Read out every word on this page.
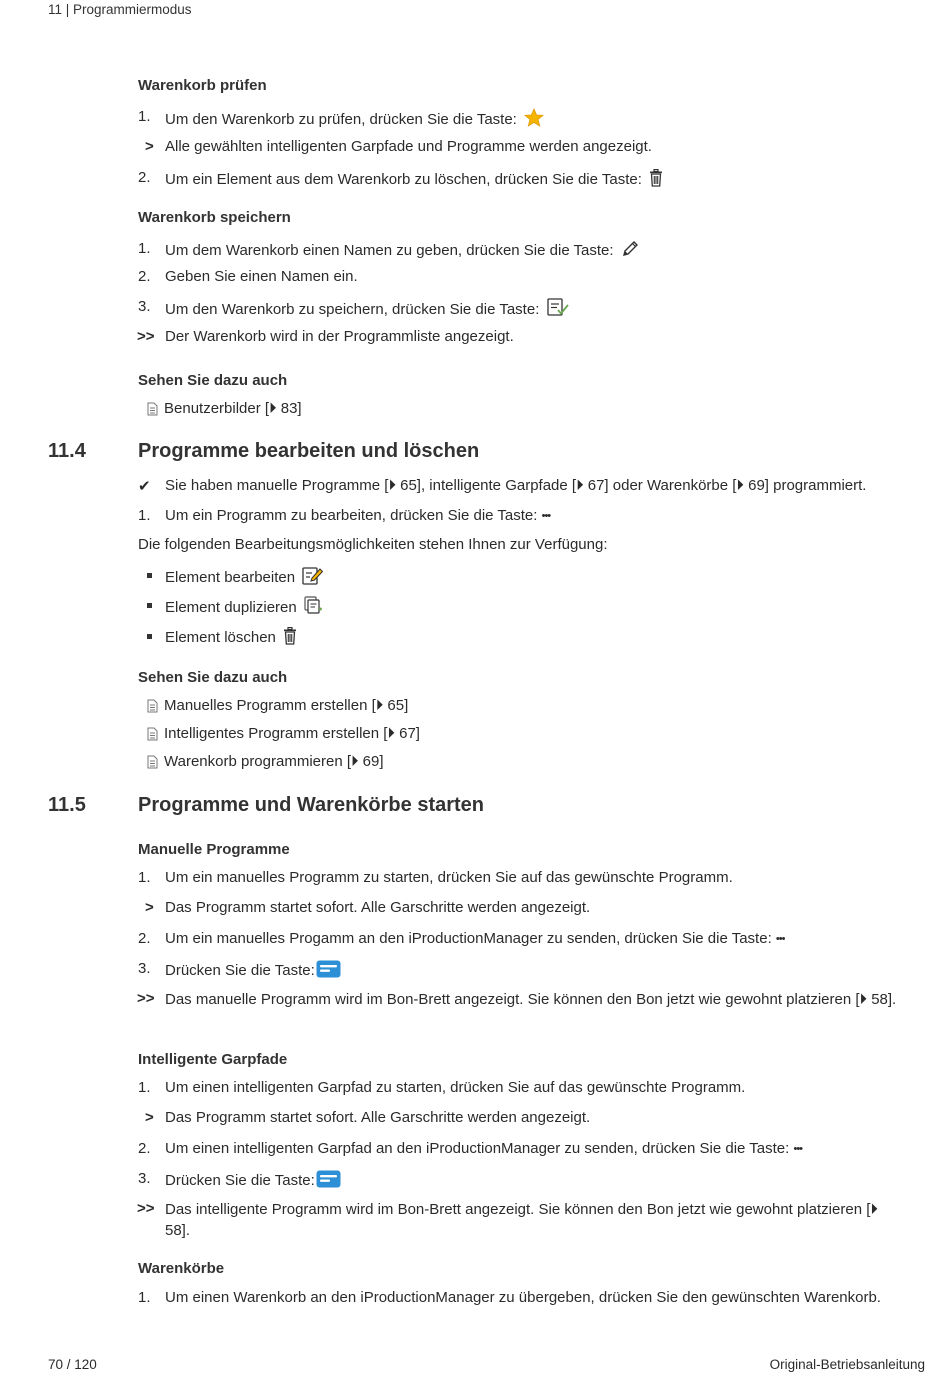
11 | Programmiermodus
Warenkorb prüfen
1. Um den Warenkorb zu prüfen, drücken Sie die Taste:
> Alle gewählten intelligenten Garpfade und Programme werden angezeigt.
2. Um ein Element aus dem Warenkorb zu löschen, drücken Sie die Taste:
Warenkorb speichern
1. Um dem Warenkorb einen Namen zu geben, drücken Sie die Taste:
2. Geben Sie einen Namen ein.
3. Um den Warenkorb zu speichern, drücken Sie die Taste:
>> Der Warenkorb wird in der Programmliste angezeigt.
Sehen Sie dazu auch
Benutzerbilder [⏵ 83]
11.4	Programme bearbeiten und löschen
✔ Sie haben manuelle Programme [⏵ 65], intelligente Garpfade [⏵ 67] oder Warenkörbe [⏵ 69] programmiert.
1. Um ein Programm zu bearbeiten, drücken Sie die Taste: •••
Die folgenden Bearbeitungsmöglichkeiten stehen Ihnen zur Verfügung:
Element bearbeiten
Element duplizieren
Element löschen
Sehen Sie dazu auch
Manuelles Programm erstellen [⏵ 65]
Intelligentes Programm erstellen [⏵ 67]
Warenkorb programmieren [⏵ 69]
11.5	Programme und Warenkörbe starten
Manuelle Programme
1. Um ein manuelles Programm zu starten, drücken Sie auf das gewünschte Programm.
> Das Programm startet sofort. Alle Garschritte werden angezeigt.
2. Um ein manuelles Progamm an den iProductionManager zu senden, drücken Sie die Taste: •••
3. Drücken Sie die Taste:
>> Das manuelle Programm wird im Bon-Brett angezeigt. Sie können den Bon jetzt wie gewohnt platzieren [⏵ 58].
Intelligente Garpfade
1. Um einen intelligenten Garpfad zu starten, drücken Sie auf das gewünschte Programm.
> Das Programm startet sofort. Alle Garschritte werden angezeigt.
2. Um einen intelligenten Garpfad an den iProductionManager zu senden, drücken Sie die Taste: •••
3. Drücken Sie die Taste:
>> Das intelligente Programm wird im Bon-Brett angezeigt. Sie können den Bon jetzt wie gewohnt platzieren [⏵ 58].
Warenkörbe
1. Um einen Warenkorb an den iProductionManager zu übergeben, drücken Sie den gewünschten Warenkorb.
70 / 120	Original-Betriebsanleitung
